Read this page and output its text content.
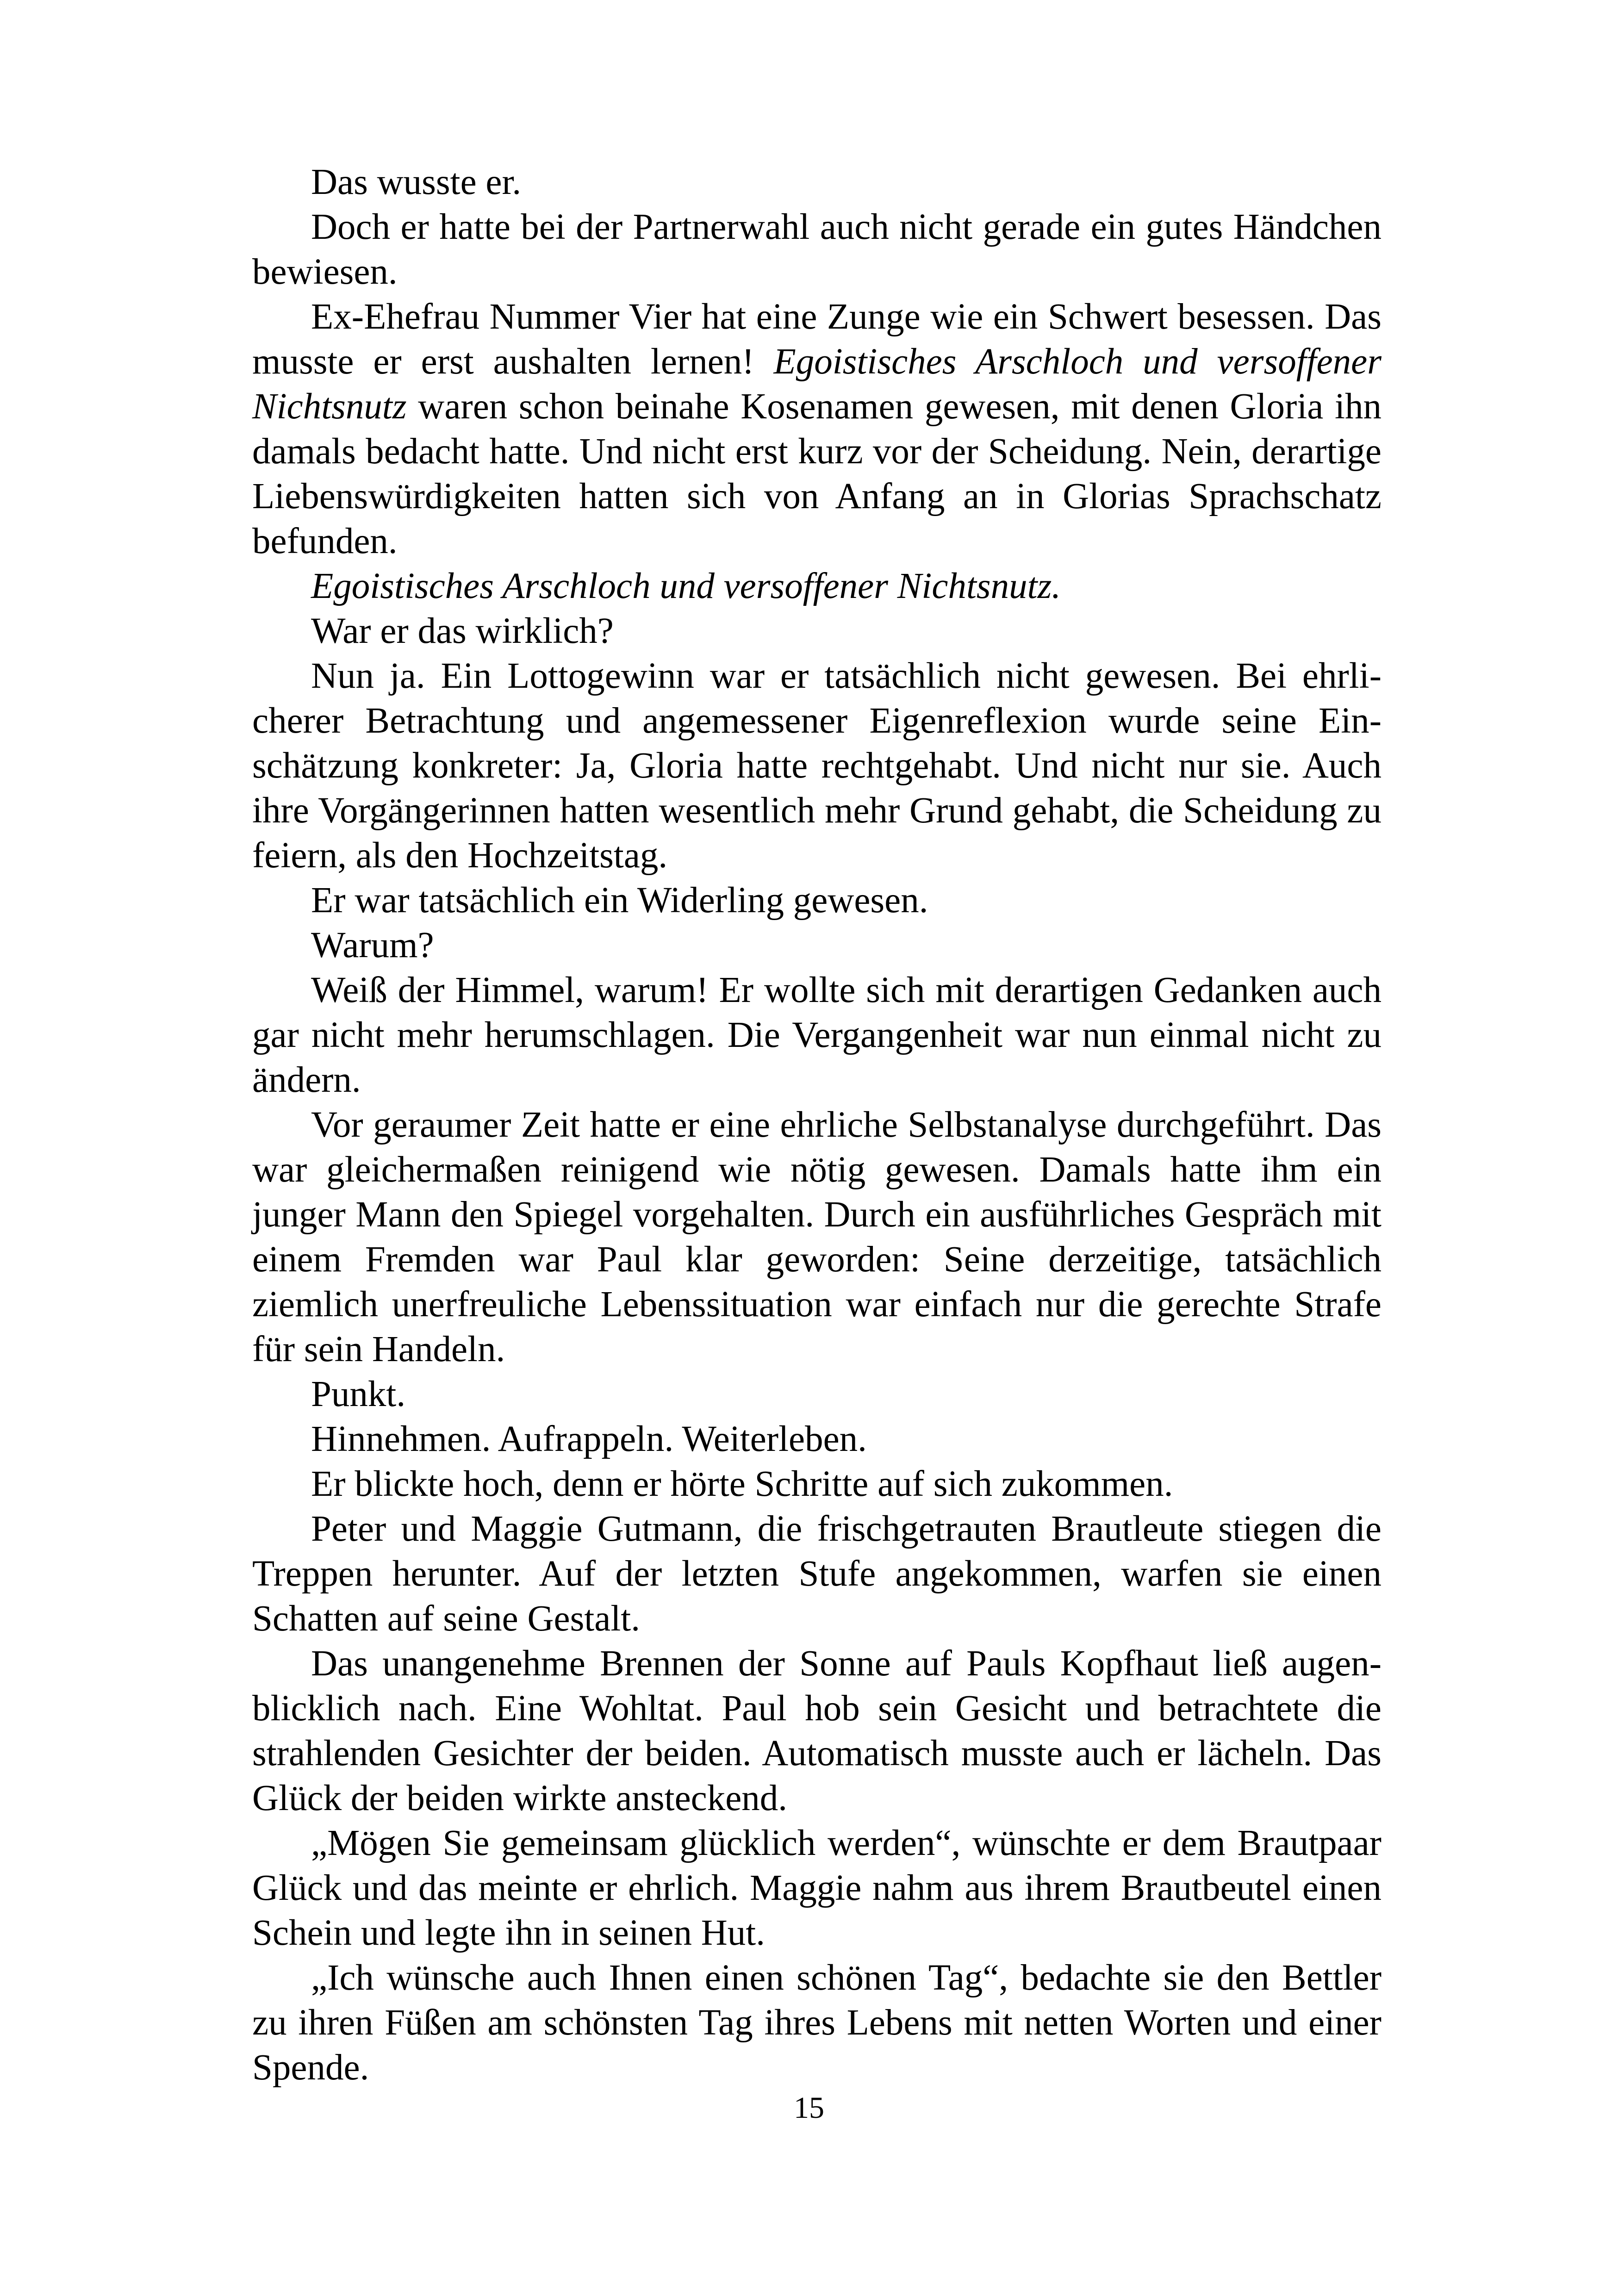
Das wusste er.

Doch er hatte bei der Partnerwahl auch nicht gerade ein gutes Händchen bewiesen.

Ex-Ehefrau Nummer Vier hat eine Zunge wie ein Schwert besessen. Das musste er erst aushalten lernen! Egoistisches Arschloch und versoffener Nichtsnutz waren schon beinahe Kosenamen gewesen, mit denen Gloria ihn damals bedacht hatte. Und nicht erst kurz vor der Scheidung. Nein, derartige Liebenswürdigkeiten hatten sich von Anfang an in Glorias Sprachschatz befunden.

Egoistisches Arschloch und versoffener Nichtsnutz.

War er das wirklich?

Nun ja. Ein Lottogewinn war er tatsächlich nicht gewesen. Bei ehrlicherer Betrachtung und angemessener Eigenreflexion wurde seine Einschätzung konkreter: Ja, Gloria hatte rechtgehabt. Und nicht nur sie. Auch ihre Vorgängerinnen hatten wesentlich mehr Grund gehabt, die Scheidung zu feiern, als den Hochzeitstag.

Er war tatsächlich ein Widerling gewesen.

Warum?

Weiß der Himmel, warum! Er wollte sich mit derartigen Gedanken auch gar nicht mehr herumschlagen. Die Vergangenheit war nun einmal nicht zu ändern.

Vor geraumer Zeit hatte er eine ehrliche Selbstanalyse durchgeführt. Das war gleichermaßen reinigend wie nötig gewesen. Damals hatte ihm ein junger Mann den Spiegel vorgehalten. Durch ein ausführliches Gespräch mit einem Fremden war Paul klar geworden: Seine derzeitige, tatsächlich ziemlich unerfreuliche Lebenssituation war einfach nur die gerechte Strafe für sein Handeln.

Punkt.

Hinnehmen. Aufrappeln. Weiterleben.

Er blickte hoch, denn er hörte Schritte auf sich zukommen.

Peter und Maggie Gutmann, die frischgetrauten Brautleute stiegen die Treppen herunter. Auf der letzten Stufe angekommen, warfen sie einen Schatten auf seine Gestalt.

Das unangenehme Brennen der Sonne auf Pauls Kopfhaut ließ augenblicklich nach. Eine Wohltat. Paul hob sein Gesicht und betrachtete die strahlenden Gesichter der beiden. Automatisch musste auch er lächeln. Das Glück der beiden wirkte ansteckend.

„Mögen Sie gemeinsam glücklich werden“, wünschte er dem Brautpaar Glück und das meinte er ehrlich. Maggie nahm aus ihrem Brautbeutel einen Schein und legte ihn in seinen Hut.

„Ich wünsche auch Ihnen einen schönen Tag“, bedachte sie den Bettler zu ihren Füßen am schönsten Tag ihres Lebens mit netten Worten und einer Spende.

15
